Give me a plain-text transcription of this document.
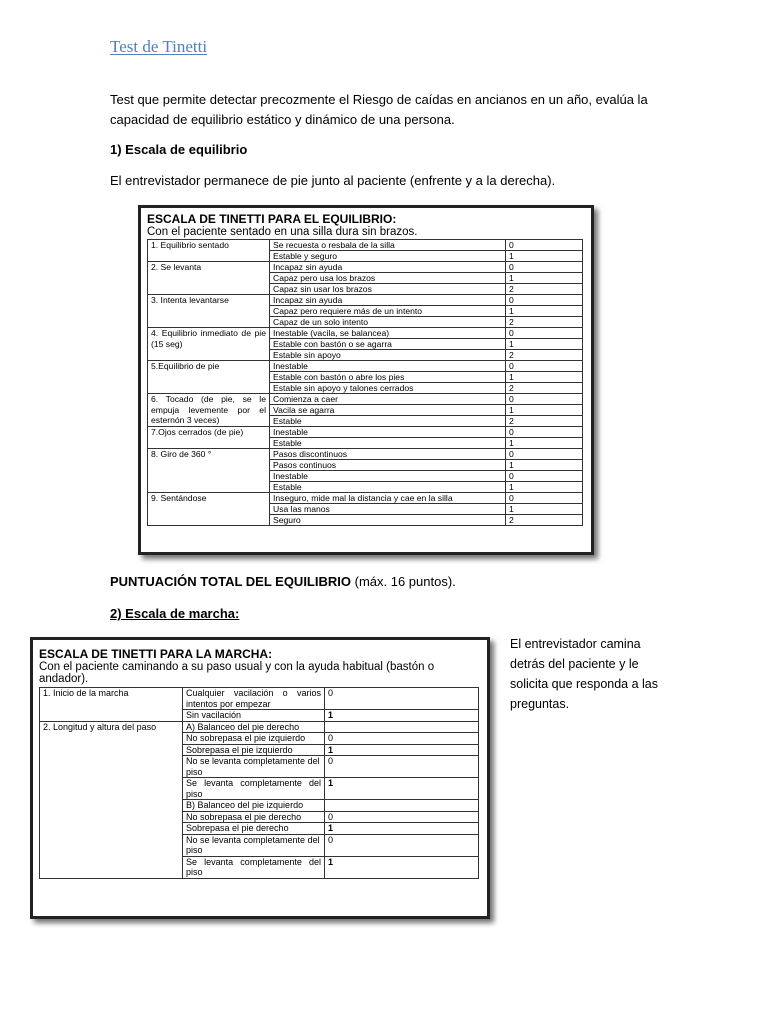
Test de Tinetti

Test que permite detectar precozmente el Riesgo de caídas en ancianos en un año, evalúa la capacidad de equilibrio estático y dinámico de una persona.

1) Escala de equilibrio

El entrevistador permanece de pie junto al paciente (enfrente y a la derecha).

ESCALA DE TINETTI PARA EL EQUILIBRIO:
Con el paciente sentado en una silla dura sin brazos.
1. Equilibrio sentado	Se recuesta o resbala de la silla	0
	Estable y seguro	1
2. Se levanta	Incapaz sin ayuda	0
	Capaz pero usa los brazos	1
	Capaz sin usar los brazos	2
3. Intenta levantarse	Incapaz sin ayuda	0
	Capaz pero requiere más de un intento	1
	Capaz de un solo intento	2
4. Equilibrio inmediato de pie (15 seg)	Inestable (vacila, se balancea)	0
	Estable con bastón o se agarra	1
	Estable sin apoyo	2
5.Equilibrio de pie	Inestable	0
	Estable con bastón o abre los pies	1
	Estable sin apoyo y talones cerrados	2
6. Tocado (de pie, se le empuja levemente por el esternón 3 veces)	Comienza a caer	0
	Vacila se agarra	1
	Estable	2
7.Ojos cerrados (de pie)	Inestable	0
	Estable	1
8. Giro de 360 °	Pasos discontinuos	0
	Pasos continuos	1
	Inestable	0
	Estable	1
9. Sentándose	Inseguro, mide mal la distancia y cae en la silla	0
	Usa las manos	1
	Seguro	2

PUNTUACIÓN TOTAL DEL EQUILIBRIO (máx. 16 puntos).

2) Escala de marcha:

ESCALA DE TINETTI PARA LA MARCHA:
Con el paciente caminando a su paso usual y con la ayuda habitual (bastón o andador).
1. Inicio de la marcha	Cualquier vacilación o varios intentos por empezar	0
	Sin vacilación	1
2. Longitud y altura del paso	A) Balanceo del pie derecho	
	No sobrepasa el pie izquierdo	0
	Sobrepasa el pie izquierdo	1
	No se levanta completamente del piso	0
	Se levanta completamente del piso	1
	B) Balanceo del pie izquierdo	
	No sobrepasa el pie derecho	0
	Sobrepasa el pie derecho	1
	No se levanta completamente del piso	0
	Se levanta completamente del piso	1

El entrevistador camina detrás del paciente y le solicita que responda a las preguntas.
